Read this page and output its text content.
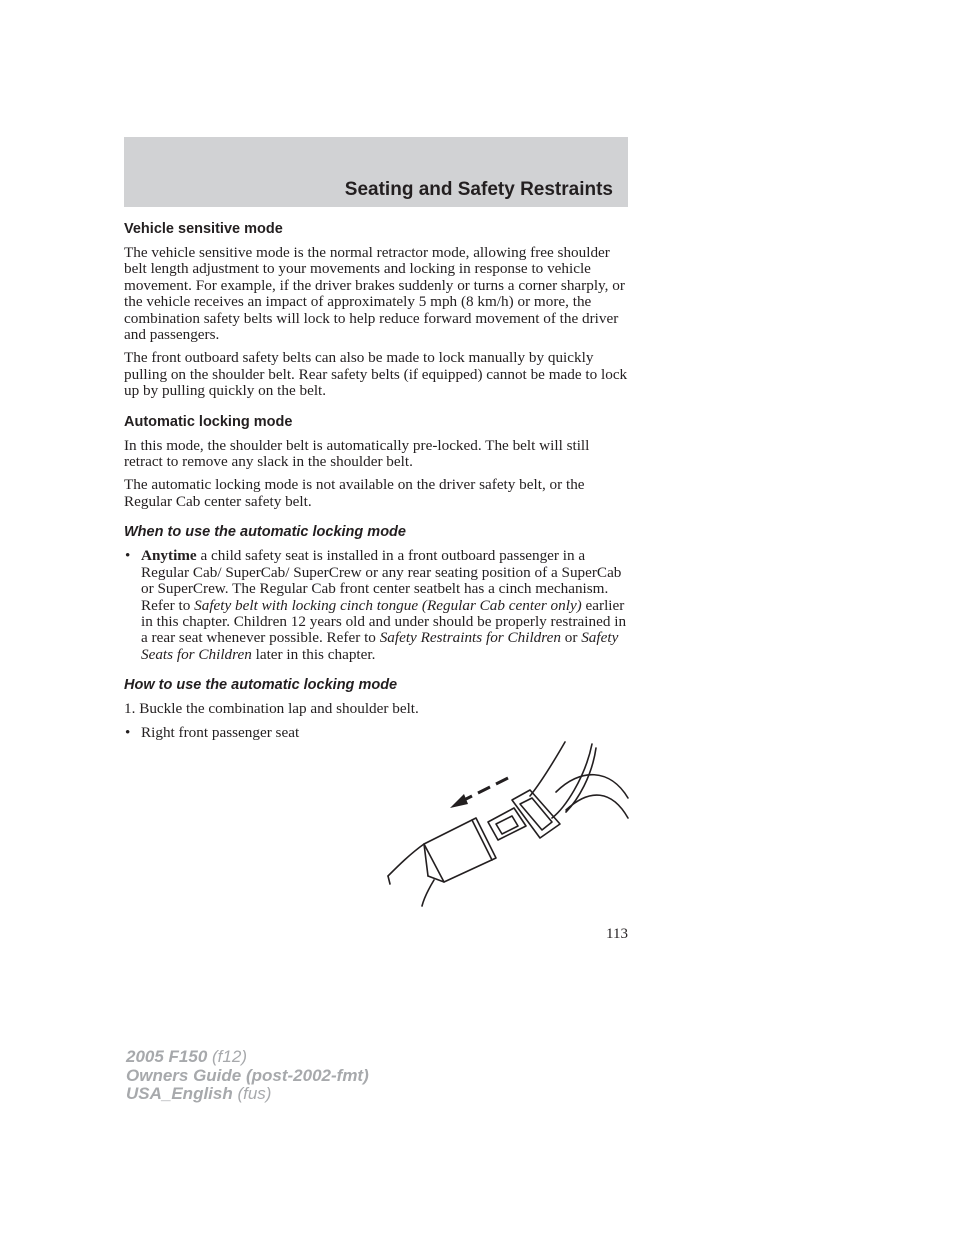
Seating and Safety Restraints
Vehicle sensitive mode

The vehicle sensitive mode is the normal retractor mode, allowing free shoulder belt length adjustment to your movements and locking in response to vehicle movement. For example, if the driver brakes suddenly or turns a corner sharply, or the vehicle receives an impact of approximately 5 mph (8 km/h) or more, the combination safety belts will lock to help reduce forward movement of the driver and passengers.

The front outboard safety belts can also be made to lock manually by quickly pulling on the shoulder belt. Rear safety belts (if equipped) cannot be made to lock up by pulling quickly on the belt.

Automatic locking mode

In this mode, the shoulder belt is automatically pre-locked. The belt will still retract to remove any slack in the shoulder belt.

The automatic locking mode is not available on the driver safety belt, or the Regular Cab center safety belt.

When to use the automatic locking mode
• Anytime a child safety seat is installed in a front outboard passenger in a Regular Cab/ SuperCab/ SuperCrew or any rear seating position of a SuperCab or SuperCrew. The Regular Cab front center seatbelt has a cinch mechanism. Refer to Safety belt with locking cinch tongue (Regular Cab center only) earlier in this chapter. Children 12 years old and under should be properly restrained in a rear seat whenever possible. Refer to Safety Restraints for Children or Safety Seats for Children later in this chapter.
How to use the automatic locking mode

1. Buckle the combination lap and shoulder belt.

• Right front passenger seat
113
2005 F150 (f12)
Owners Guide (post-2002-fmt)
USA_English (fus)
